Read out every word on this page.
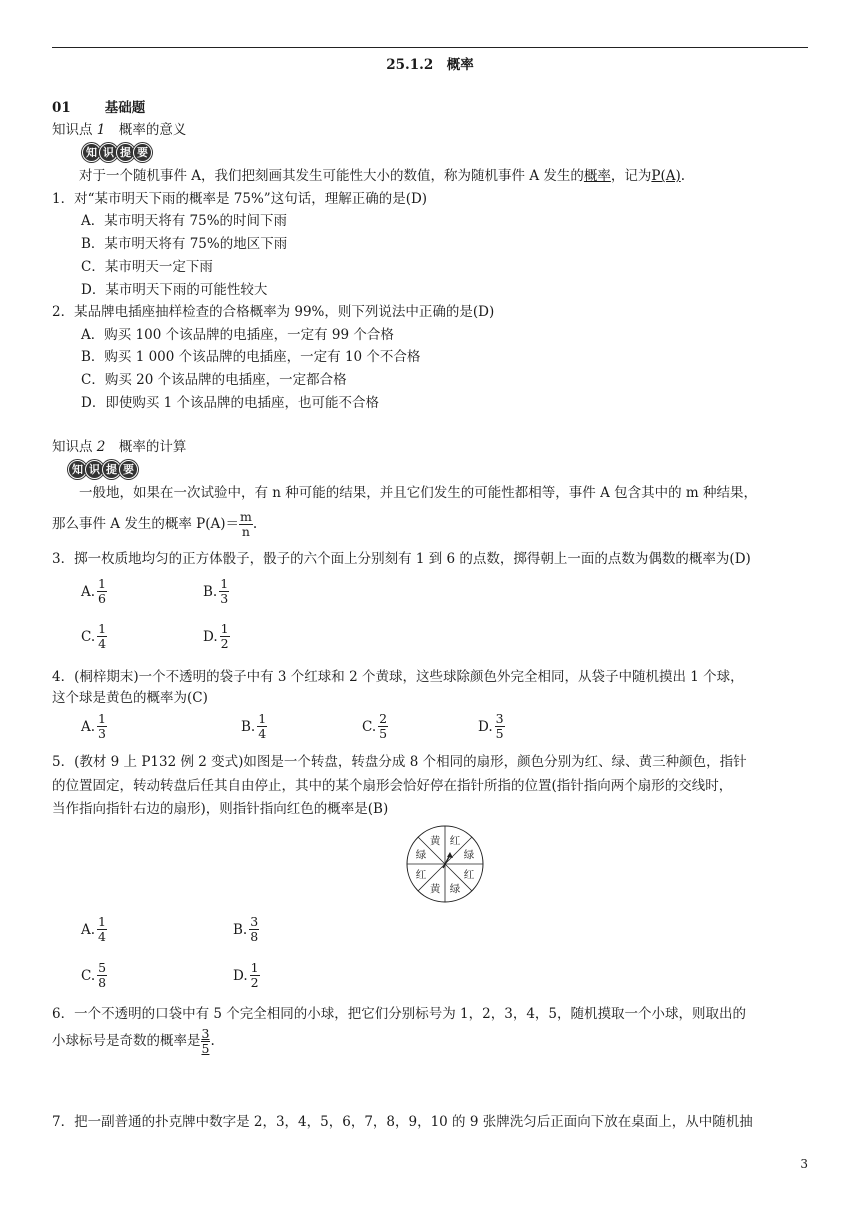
25.1.2　概率
01	基础题
知识点 1　 概率的意义
知 识 提 要
对于一个随机事件 A，我们把刻画其发生可能性大小的数值，称为随机事件 A 发生的概率，记为P(A).
1．对“某市明天下雨的概率是 75%”这句话，理解正确的是(D)
A．某市明天将有 75%的时间下雨
B．某市明天将有 75%的地区下雨
C．某市明天一定下雨
D．某市明天下雨的可能性较大
2．某品牌电插座抽样检查的合格概率为 99%，则下列说法中正确的是(D)
A．购买 100 个该品牌的电插座，一定有 99 个合格
B．购买 1 000 个该品牌的电插座，一定有 10 个不合格
C．购买 20 个该品牌的电插座，一定都合格
D．即使购买 1 个该品牌的电插座，也可能不合格
知识点 2　 概率的计算
知 识 提 要
一般地，如果在一次试验中，有 n 种可能的结果，并且它们发生的可能性都相等，事件 A 包含其中的 m 种结果，
那么事件 A 发生的概率 $P(A)= \frac{m}{n}$ .
3．掷一枚质地均匀的正方体骰子，骰子的六个面上分别刻有 1 到 6 的点数，掷得朝上一面的点数为偶数的概率为(D)
A. $\frac{1}{6}$	B. $\frac{1}{3}$
C. $\frac{1}{4}$	D. $\frac{1}{2}$
4．(桐梓期末)一个不透明的袋子中有 3 个红球和 2 个黄球，这些球除颜色外完全相同，从袋子中随机摸出 1 个球，
这个球是黄色的概率为(C)
A. $\frac{1}{3}$	B. $\frac{1}{4}$	C. $\frac{2}{5}$	D. $\frac{3}{5}$
5．(教材 9 上 P132 例 2 变式)如图是一个转盘，转盘分成 8 个相同的扇形，颜色分别为红、绿、黄三种颜色，指针
的位置固定，转动转盘后任其自由停止，其中的某个扇形会恰好停在指针所指的位置(指针指向两个扇形的交线时，
当作指向指针右边的扇形)，则指针指向红色的概率是(B)
红
绿
红
绿
黄
红
绿
黄
A. $\frac{1}{4}$	B. $\frac{3}{8}$
C. $\frac{5}{8}$	D. $\frac{1}{2}$
6．一个不透明的口袋中有 5 个完全相同的小球，把它们分别标号为 1，2，3，4，5，随机摸取一个小球，则取出的
小球标号是奇数的概率是 $\frac{3}{5}$ .
7．把一副普通的扑克牌中数字是 2，3，4，5，6，7，8，9，10 的 9 张牌洗匀后正面向下放在桌面上，从中随机抽
3
